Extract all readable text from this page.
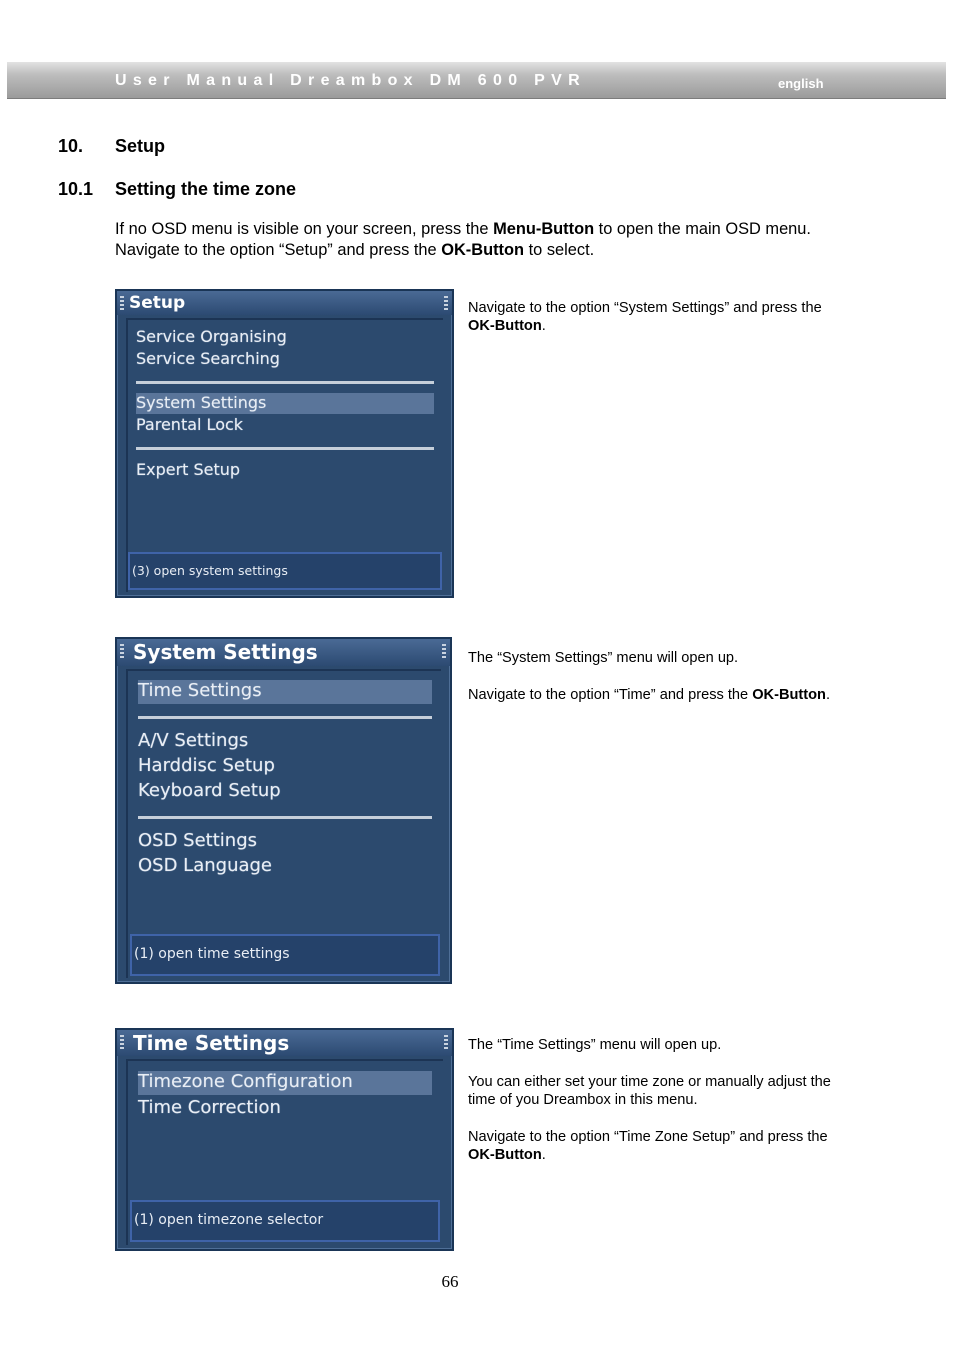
User Manual Dreambox DM 600 PVR	english
10. Setup
10.1 Setting the time zone
If no OSD menu is visible on your screen, press the Menu-Button to open the main OSD menu. Navigate to the option “Setup” and press the OK-Button to select.
Setup
Service Organising
Service Searching
System Settings
Parental Lock
Expert Setup
(3) open system settings

Navigate to the option “System Settings” and press the OK-Button.

System Settings
Time Settings
A/V Settings
Harddisc Setup
Keyboard Setup
OSD Settings
OSD Language
(1) open time settings

The “System Settings” menu will open up.

Navigate to the option “Time” and press the OK-Button.

Time Settings
Timezone Configuration
Time Correction
(1) open timezone selector

The “Time Settings” menu will open up.

You can either set your time zone or manually adjust the time of you Dreambox in this menu.

Navigate to the option “Time Zone Setup” and press the OK-Button.

66
